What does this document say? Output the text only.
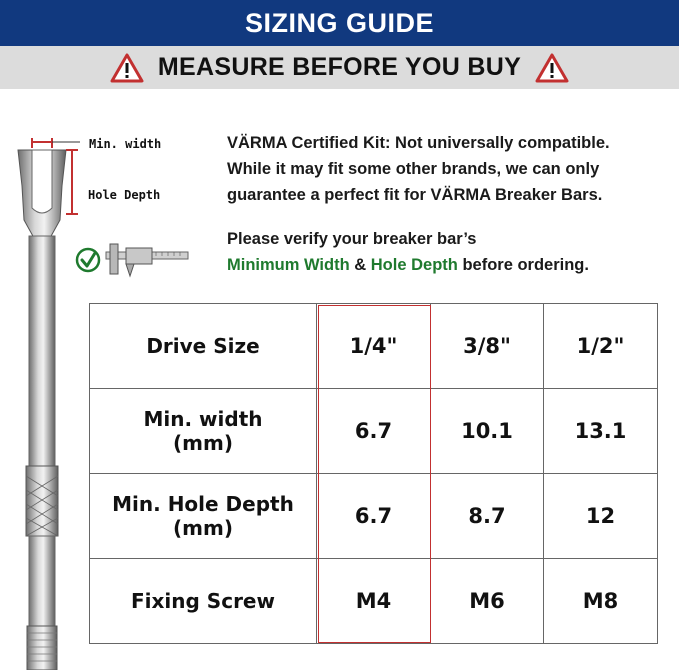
SIZING GUIDE
MEASURE BEFORE YOU BUY
Min. width
Hole Depth

VÄRMA Certified Kit: Not universally compatible.

While it may fit some other brands, we can only

guarantee a perfect fit for VÄRMA Breaker Bars.

Please verify your breaker bar’s

Minimum Width & Hole Depth before ordering.

Drive Size	1/4"	3/8"	1/2"
Min. width
(mm)	6.7	10.1	13.1
Min. Hole Depth
(mm)	6.7	8.7	12
Fixing Screw	M4	M6	M8
